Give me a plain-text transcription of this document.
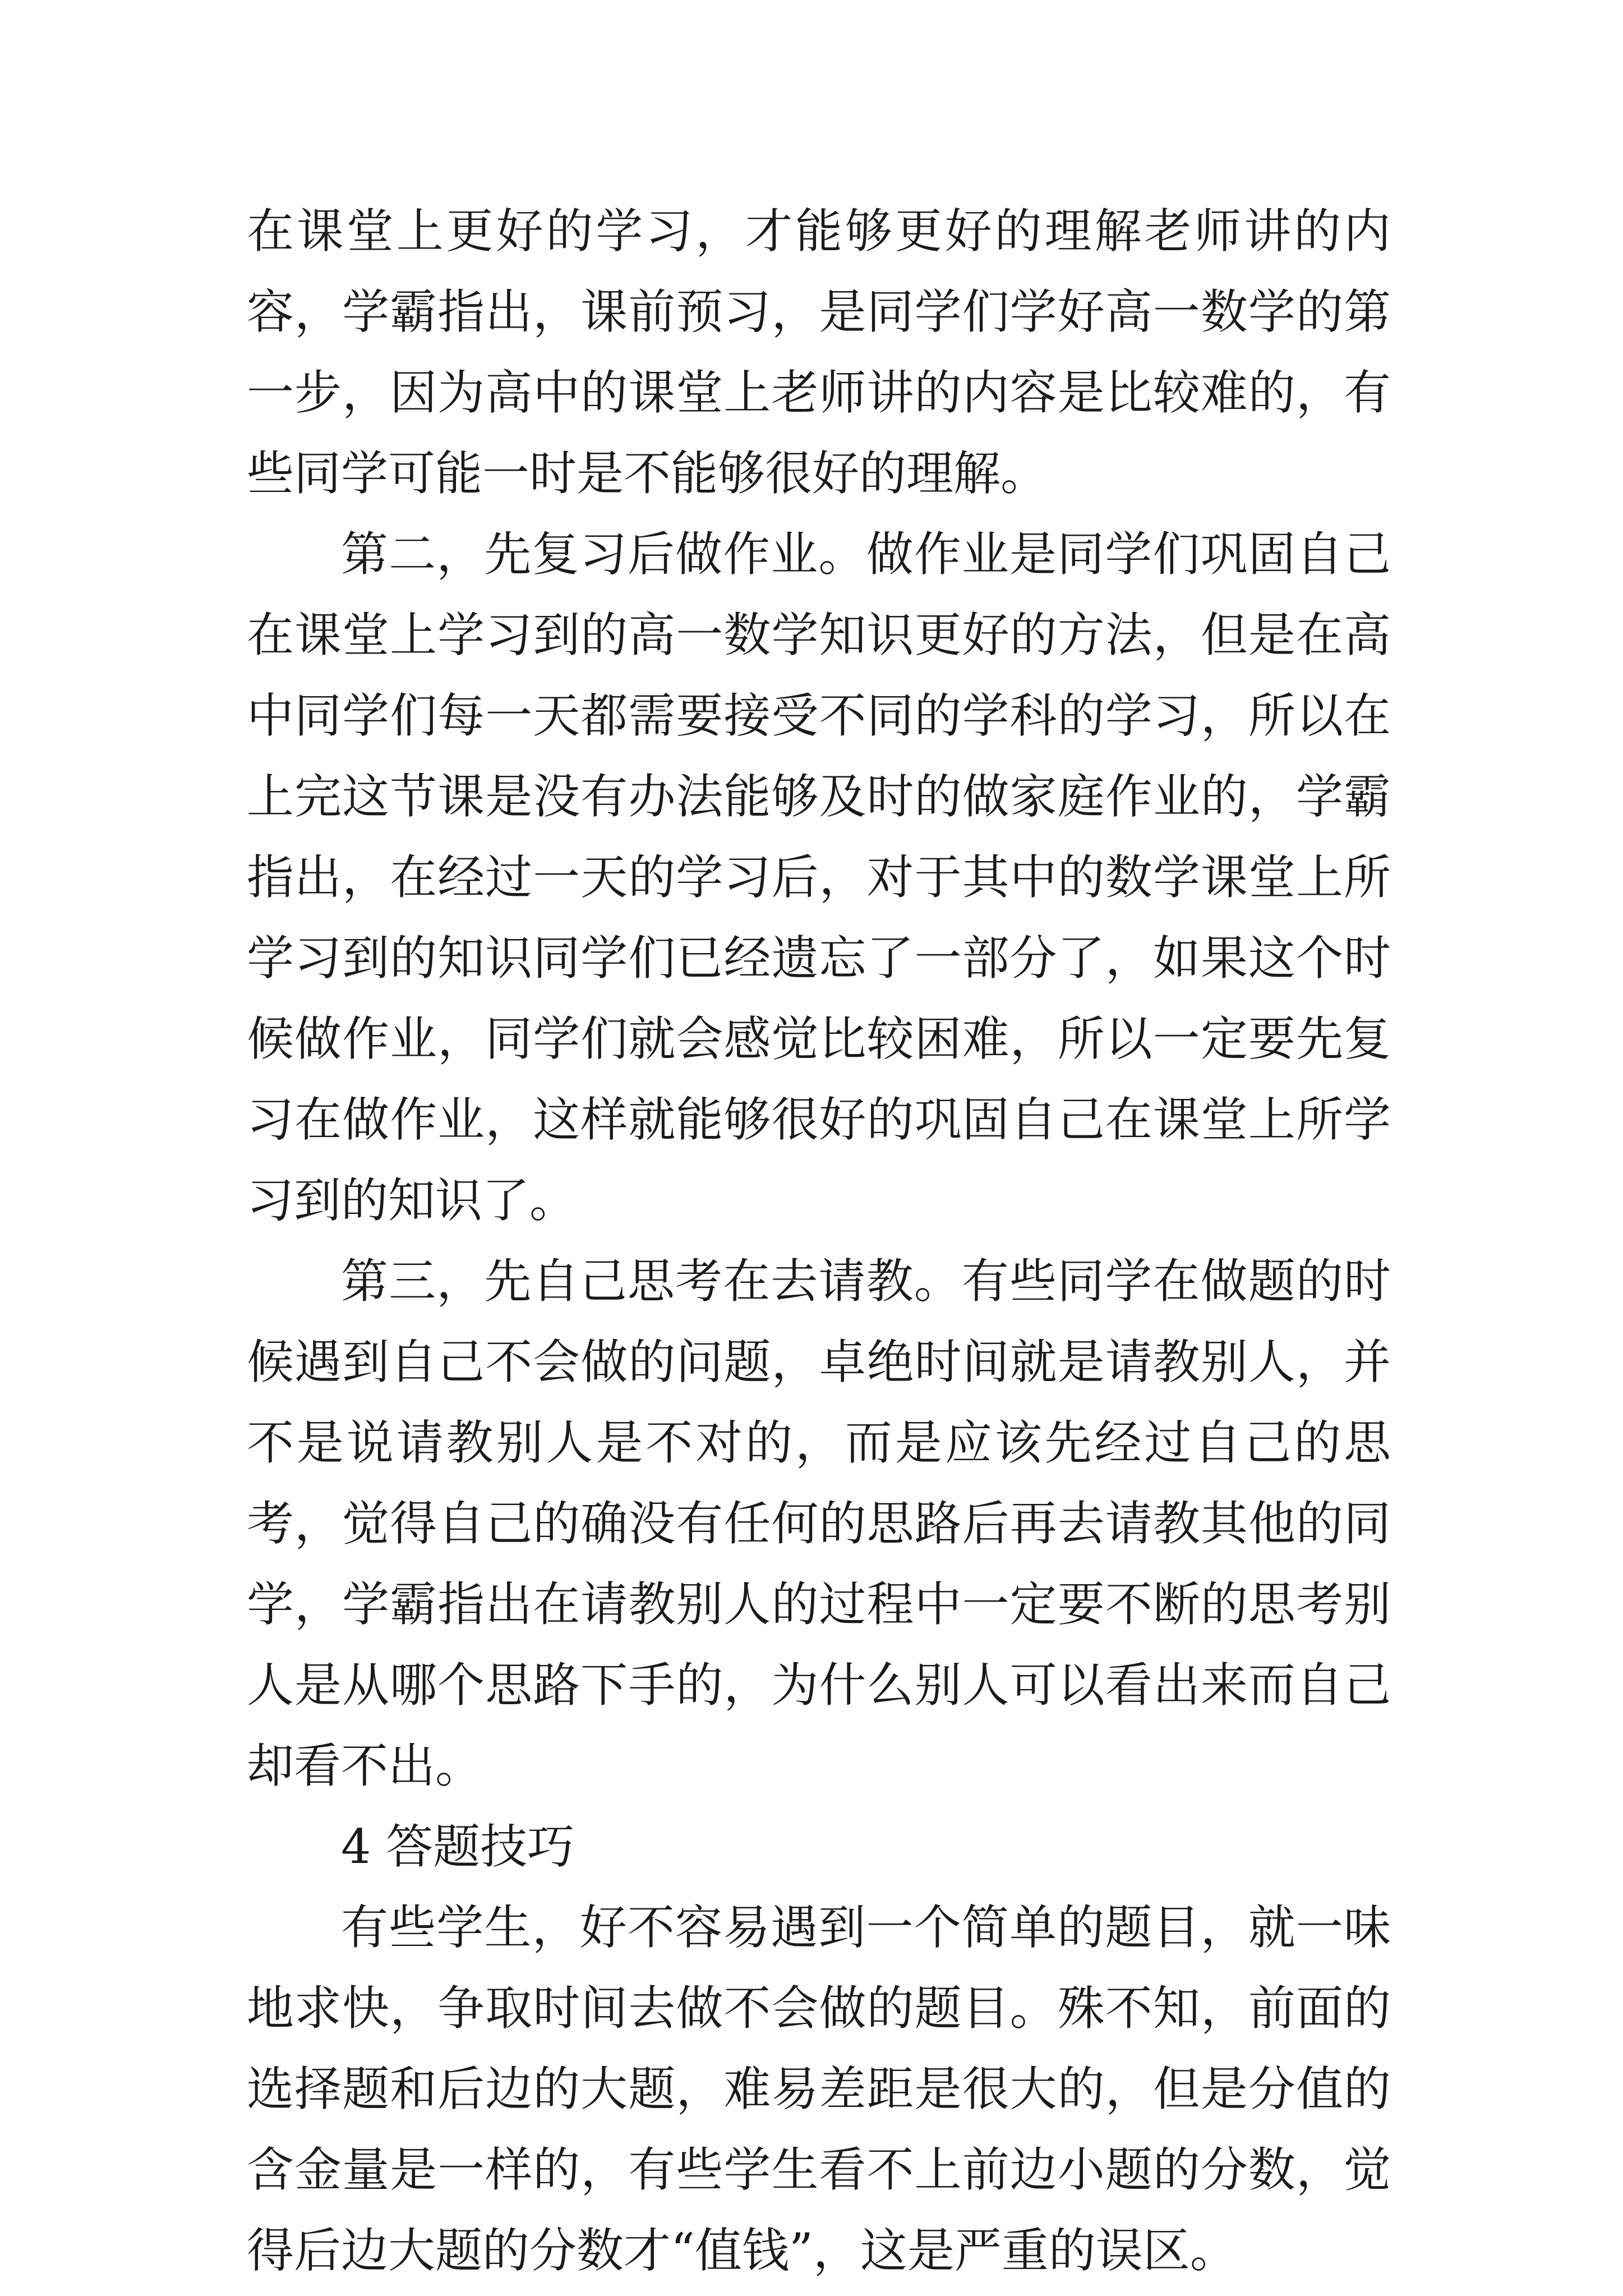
在课堂上更好的学习，才能够更好的理解老师讲的内容，学霸指出，课前预习，是同学们学好高一数学的第一步，因为高中的课堂上老师讲的内容是比较难的，有些同学可能一时是不能够很好的理解。

第二，先复习后做作业。做作业是同学们巩固自己在课堂上学习到的高一数学知识更好的方法，但是在高中同学们每一天都需要接受不同的学科的学习，所以在上完这节课是没有办法能够及时的做家庭作业的，学霸指出，在经过一天的学习后，对于其中的数学课堂上所学习到的知识同学们已经遗忘了一部分了，如果这个时候做作业，同学们就会感觉比较困难，所以一定要先复习在做作业，这样就能够很好的巩固自己在课堂上所学习到的知识了。

第三，先自己思考在去请教。有些同学在做题的时候遇到自己不会做的问题，卓绝时间就是请教别人，并不是说请教别人是不对的，而是应该先经过自己的思考，觉得自己的确没有任何的思路后再去请教其他的同学，学霸指出在请教别人的过程中一定要不断的思考别人是从哪个思路下手的，为什么别人可以看出来而自己却看不出。

4 答题技巧

有些学生，好不容易遇到一个简单的题目，就一味地求快，争取时间去做不会做的题目。殊不知，前面的选择题和后边的大题，难易差距是很大的，但是分值的含金量是一样的，有些学生看不上前边小题的分数，觉得后边大题的分数才“值钱”，这是严重的误区。
